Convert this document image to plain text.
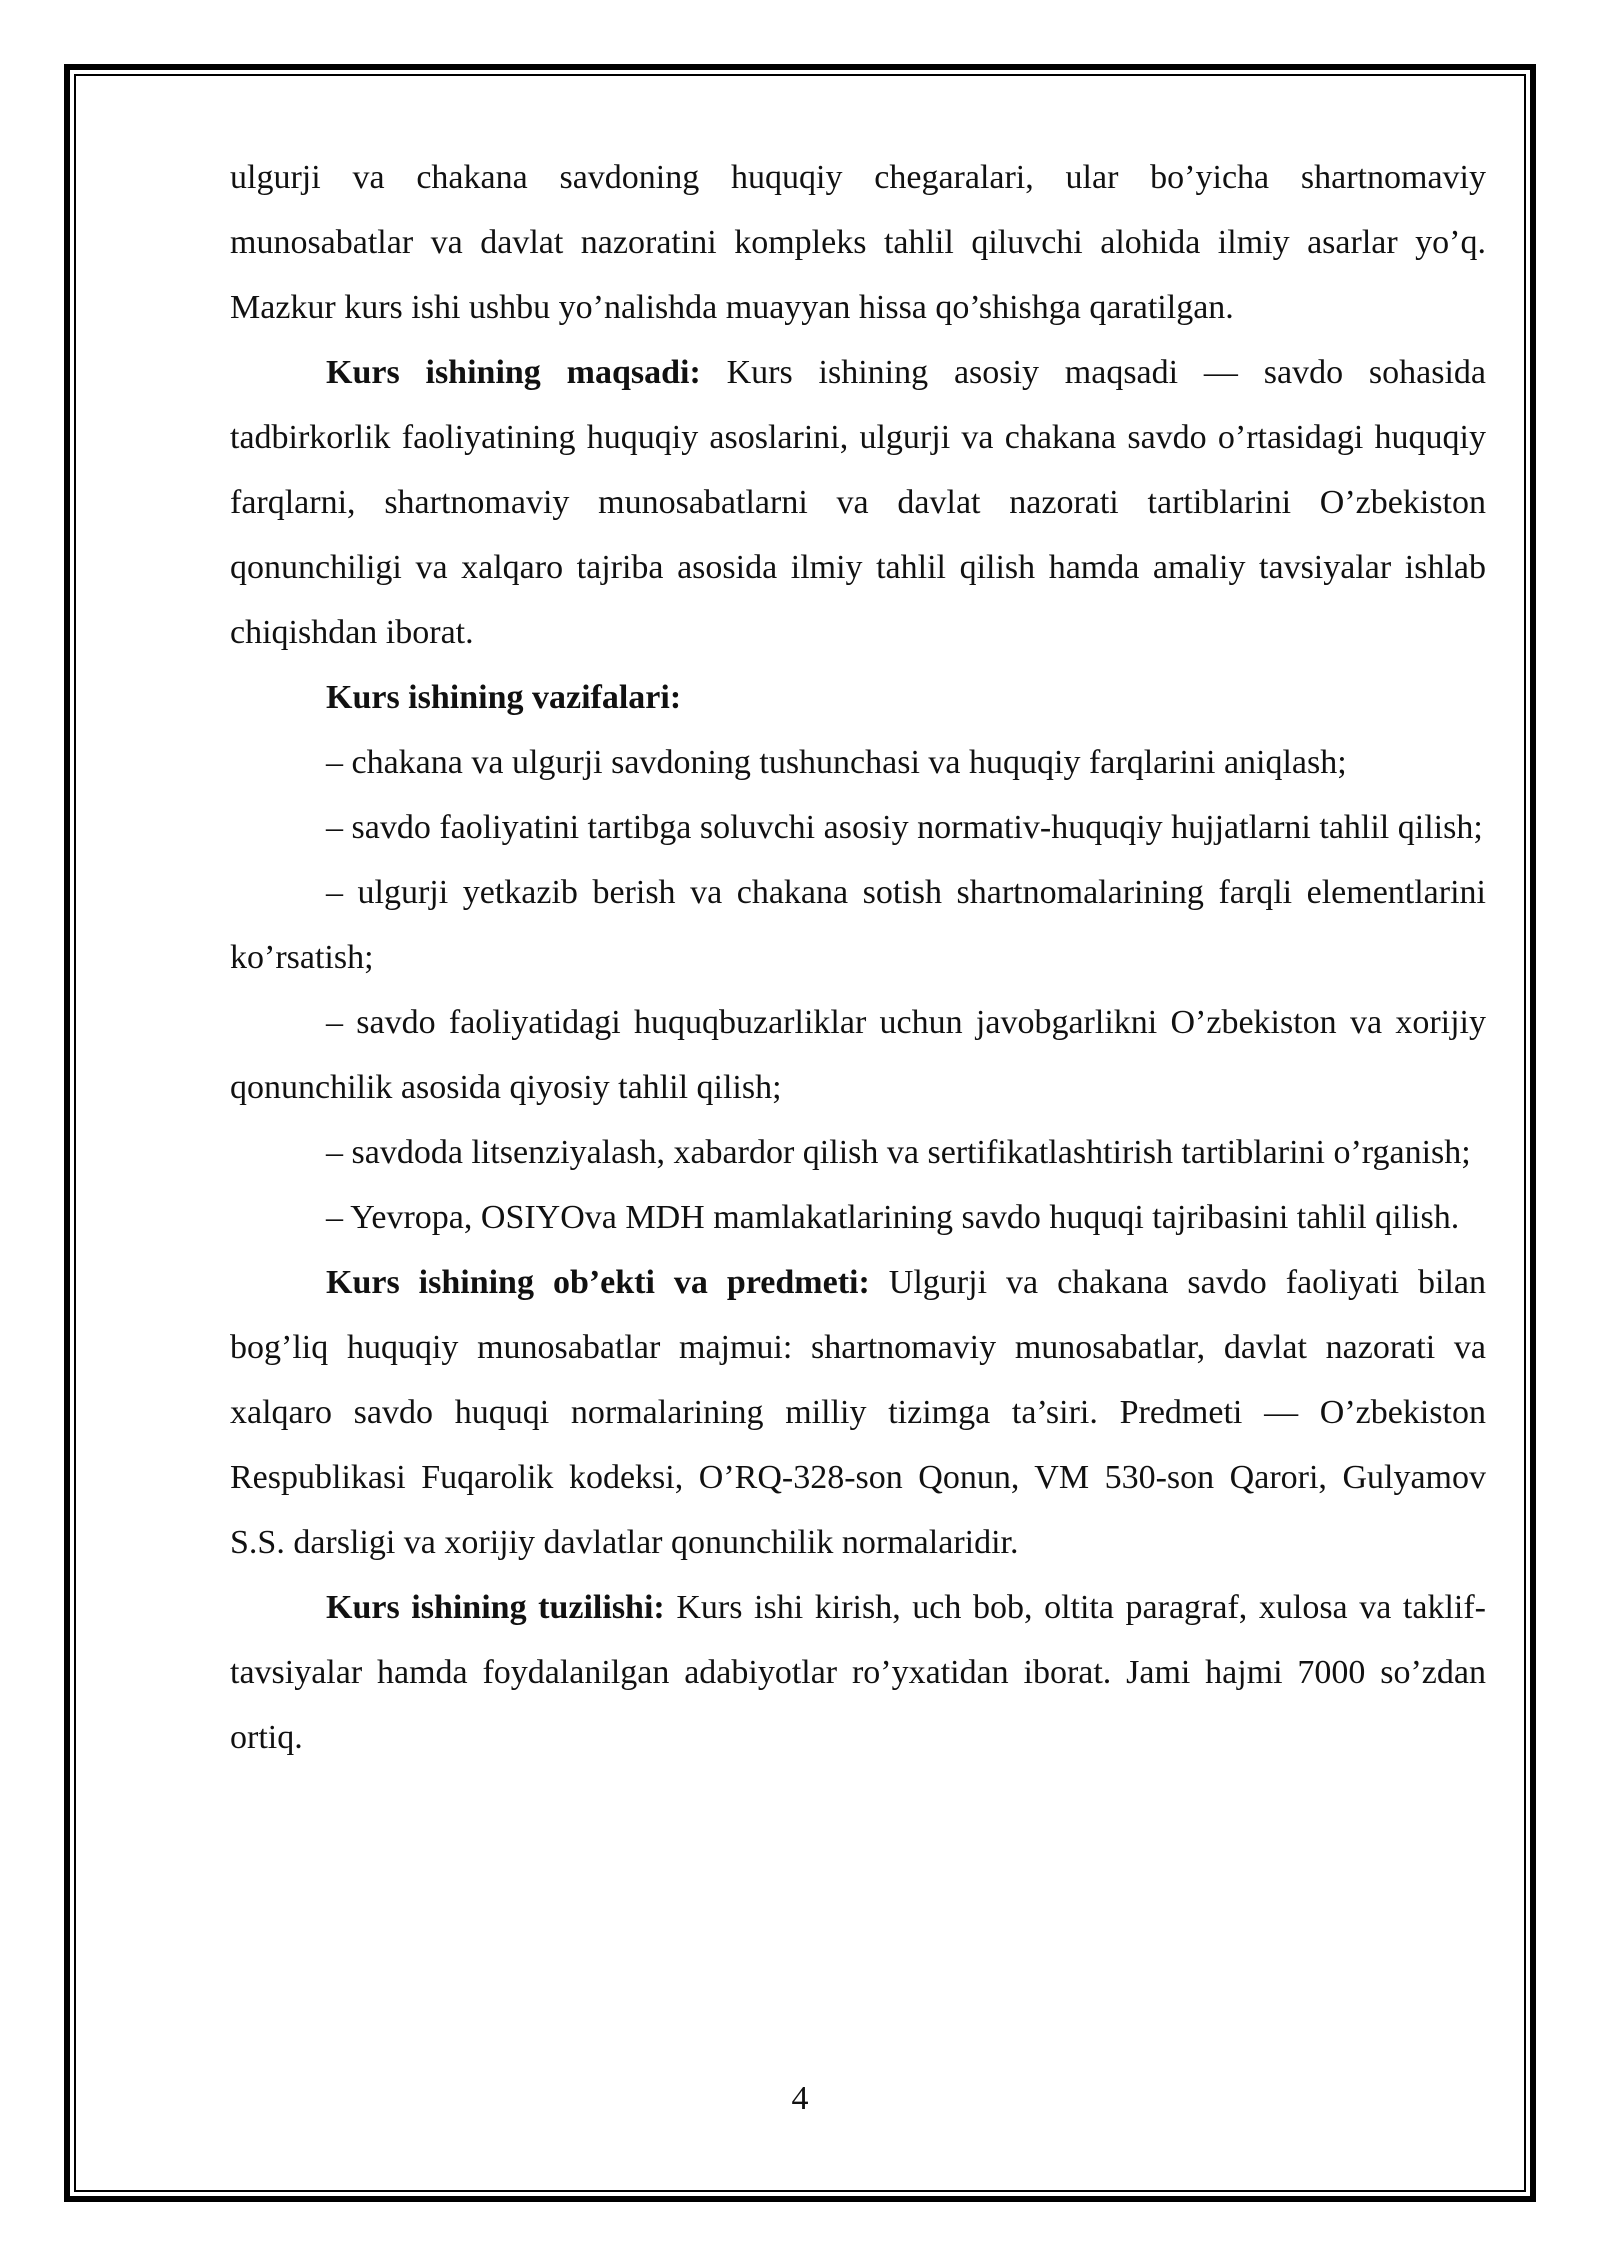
ulgurji va chakana savdoning huquqiy chegaralari, ular bo’yicha shartnomaviy munosabatlar va davlat nazoratini kompleks tahlil qiluvchi alohida ilmiy asarlar yo’q. Mazkur kurs ishi ushbu yo’nalishda muayyan hissa qo’shishga qaratilgan.

Kurs ishining maqsadi: Kurs ishining asosiy maqsadi — savdo sohasida tadbirkorlik faoliyatining huquqiy asoslarini, ulgurji va chakana savdo o’rtasidagi huquqiy farqlarni, shartnomaviy munosabatlarni va davlat nazorati tartiblarini O’zbekiston qonunchiligi va xalqaro tajriba asosida ilmiy tahlil qilish hamda amaliy tavsiyalar ishlab chiqishdan iborat.

Kurs ishining vazifalari:

– chakana va ulgurji savdoning tushunchasi va huquqiy farqlarini aniqlash;

– savdo faoliyatini tartibga soluvchi asosiy normativ-huquqiy hujjatlarni tahlil qilish;

– ulgurji yetkazib berish va chakana sotish shartnomalarining farqli elementlarini ko’rsatish;

– savdo faoliyatidagi huquqbuzarliklar uchun javobgarlikni O’zbekiston va xorijiy qonunchilik asosida qiyosiy tahlil qilish;

– savdoda litsenziyalash, xabardor qilish va sertifikatlashtirish tartiblarini o’rganish;

– Yevropa, OSIYOva MDH mamlakatlarining savdo huquqi tajribasini tahlil qilish.

Kurs ishining ob’ekti va predmeti: Ulgurji va chakana savdo faoliyati bilan bog’liq huquqiy munosabatlar majmui: shartnomaviy munosabatlar, davlat nazorati va xalqaro savdo huquqi normalarining milliy tizimga ta’siri. Predmeti — O’zbekiston Respublikasi Fuqarolik kodeksi, O’RQ-328-son Qonun, VM 530-son Qarori, Gulyamov S.S. darsligi va xorijiy davlatlar qonunchilik normalaridir.

Kurs ishining tuzilishi: Kurs ishi kirish, uch bob, oltita paragraf, xulosa va taklif-tavsiyalar hamda foydalanilgan adabiyotlar ro’yxatidan iborat. Jami hajmi 7000 so’zdan ortiq.

4
